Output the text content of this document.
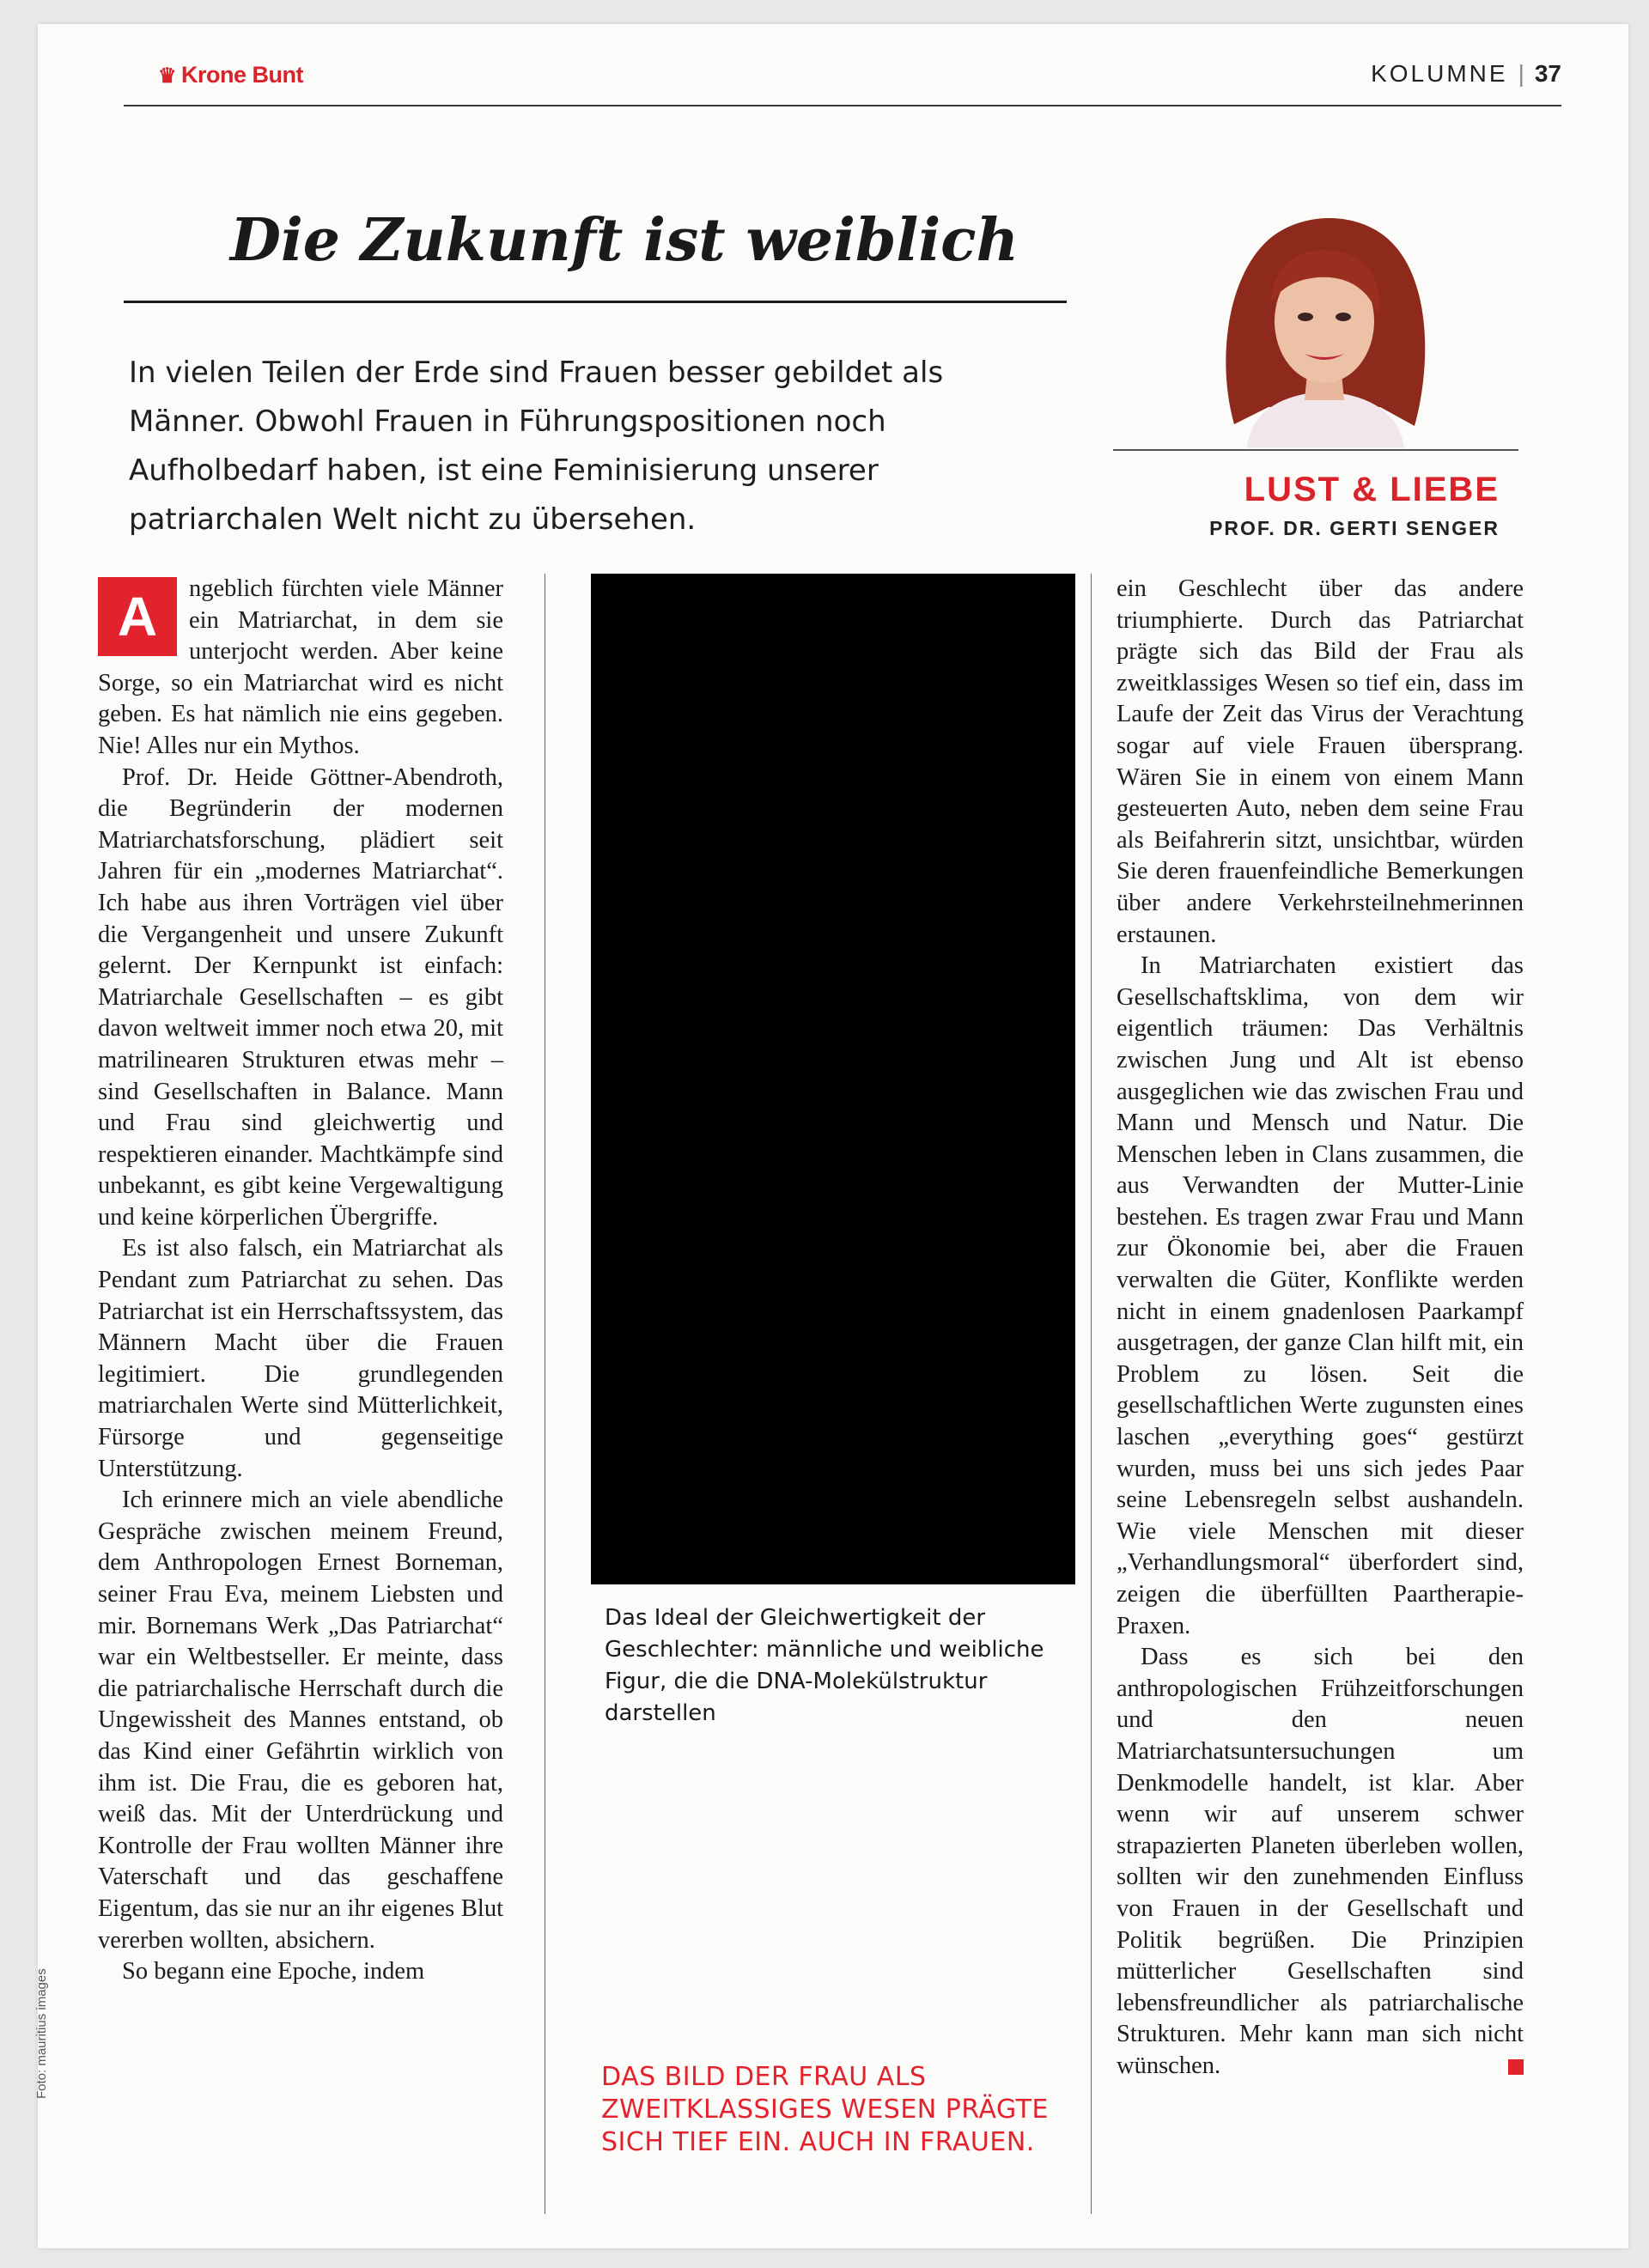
♛ Krone Bunt	KOLUMNE | 37
Die Zukunft ist weiblich

In vielen Teilen der Erde sind Frauen besser gebildet als Männer. Obwohl Frauen in Führungspositionen noch Aufholbedarf haben, ist eine Feminisierung unserer patriarchalen Welt nicht zu übersehen.

LUST & LIEBE
PROF. DR. GERTI SENGER

A	ngeblich fürchten viele Männer ein Matriarchat, in dem sie unterjocht werden. Aber keine Sorge, so ein Matriarchat wird es nicht geben. Es hat nämlich nie eins gegeben. Nie! Alles nur ein Mythos.

Prof. Dr. Heide Göttner-Abendroth, die Begründerin der modernen Matriarchatsforschung, plädiert seit Jahren für ein „modernes Matriarchat“. Ich habe aus ihren Vorträgen viel über die Vergangenheit und unsere Zukunft gelernt. Der Kernpunkt ist einfach: Matriarchale Gesellschaften – es gibt davon weltweit immer noch etwa 20, mit matrilinearen Strukturen etwas mehr – sind Gesellschaften in Balance. Mann und Frau sind gleichwertig und respektieren einander. Machtkämpfe sind unbekannt, es gibt keine Vergewaltigung und keine körperlichen Übergriffe.

Es ist also falsch, ein Matriarchat als Pendant zum Patriarchat zu sehen. Das Patriarchat ist ein Herrschaftssystem, das Männern Macht über die Frauen legitimiert. Die grundlegenden matriarchalen Werte sind Mütterlichkeit, Fürsorge und gegenseitige Unterstützung.

Ich erinnere mich an viele abendliche Gespräche zwischen meinem Freund, dem Anthropologen Ernest Borneman, seiner Frau Eva, meinem Liebsten und mir. Bornemans Werk „Das Patriarchat“ war ein Weltbestseller. Er meinte, dass die patriarchalische Herrschaft durch die Ungewissheit des Mannes entstand, ob das Kind einer Gefährtin wirklich von ihm ist. Die Frau, die es geboren hat, weiß das. Mit der Unterdrückung und Kontrolle der Frau wollten Männer ihre Vaterschaft und das geschaffene Eigentum, das sie nur an ihr eigenes Blut vererben wollten, absichern.

So begann eine Epoche, indem

Das Ideal der Gleichwertigkeit der Geschlechter: männliche und weibliche Figur, die die DNA-Molekülstruktur darstellen

DAS BILD DER FRAU ALS ZWEITKLASSIGES WESEN PRÄGTE SICH TIEF EIN. AUCH IN FRAUEN.

ein Geschlecht über das andere triumphierte. Durch das Patriarchat prägte sich das Bild der Frau als zweitklassiges Wesen so tief ein, dass im Laufe der Zeit das Virus der Verachtung sogar auf viele Frauen übersprang. Wären Sie in einem von einem Mann gesteuerten Auto, neben dem seine Frau als Beifahrerin sitzt, unsichtbar, würden Sie deren frauenfeindliche Bemerkungen über andere Verkehrsteilnehmerinnen erstaunen.

In Matriarchaten existiert das Gesellschaftsklima, von dem wir eigentlich träumen: Das Verhältnis zwischen Jung und Alt ist ebenso ausgeglichen wie das zwischen Frau und Mann und Mensch und Natur. Die Menschen leben in Clans zusammen, die aus Verwandten der Mutter-Linie bestehen. Es tragen zwar Frau und Mann zur Ökonomie bei, aber die Frauen verwalten die Güter, Konflikte werden nicht in einem gnadenlosen Paarkampf ausgetragen, der ganze Clan hilft mit, ein Problem zu lösen. Seit die gesellschaftlichen Werte zugunsten eines laschen „everything goes“ gestürzt wurden, muss bei uns sich jedes Paar seine Lebensregeln selbst aushandeln. Wie viele Menschen mit dieser „Verhandlungsmoral“ überfordert sind, zeigen die überfüllten Paartherapie-Praxen.

Dass es sich bei den anthropologischen Frühzeitforschungen und den neuen Matriarchatsuntersuchungen um Denkmodelle handelt, ist klar. Aber wenn wir auf unserem schwer strapazierten Planeten überleben wollen, sollten wir den zunehmenden Einfluss von Frauen in der Gesellschaft und Politik begrüßen. Die Prinzipien mütterlicher Gesellschaften sind lebensfreundlicher als patriarchalische Strukturen. Mehr kann man sich nicht wünschen.

Foto: mauritius images
